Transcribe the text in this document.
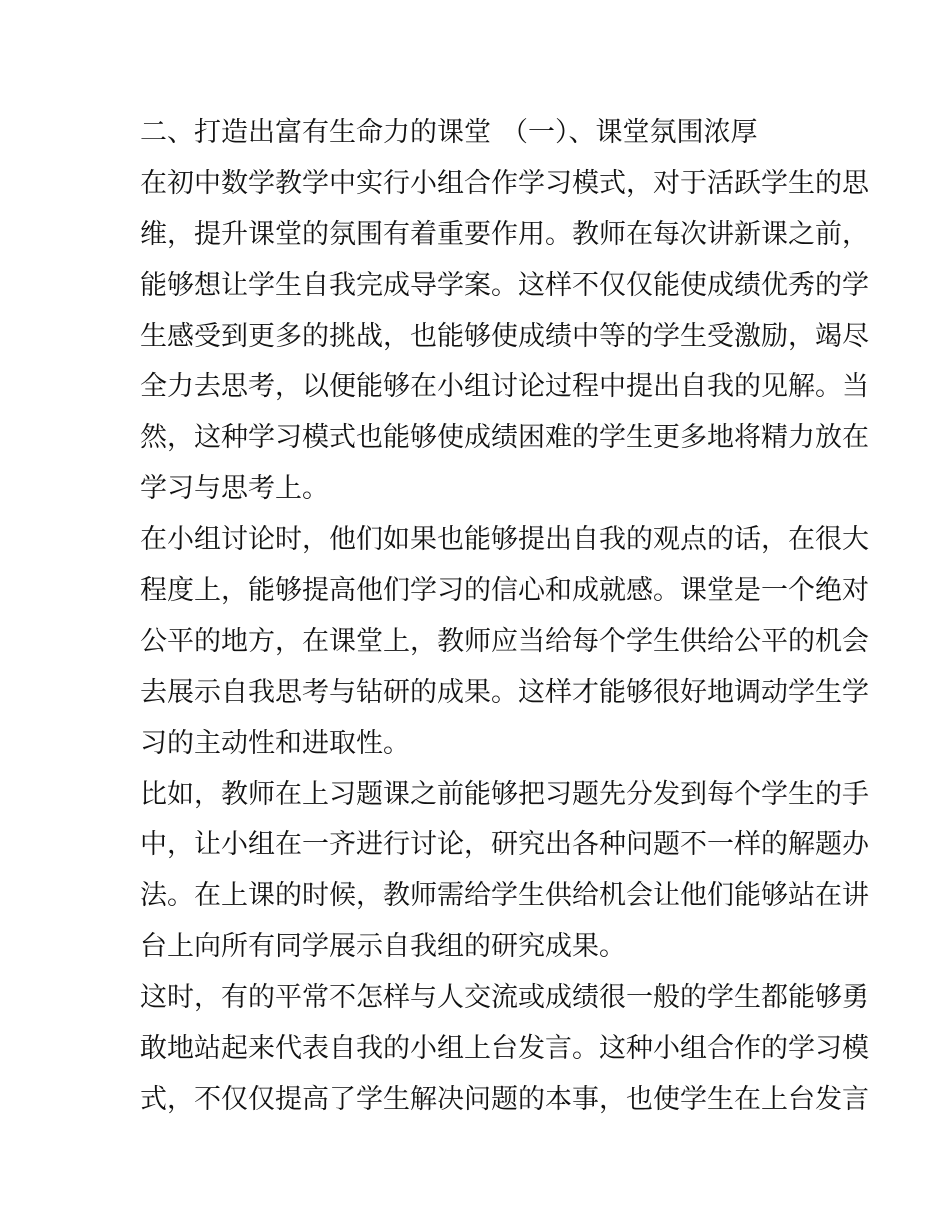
二、打造出富有生命力的课堂 （一）、课堂氛围浓厚
在初中数学教学中实行小组合作学习模式，对于活跃学生的思
维，提升课堂的氛围有着重要作用。教师在每次讲新课之前，
能够想让学生自我完成导学案。这样不仅仅能使成绩优秀的学
生感受到更多的挑战，也能够使成绩中等的学生受激励，竭尽
全力去思考，以便能够在小组讨论过程中提出自我的见解。当
然，这种学习模式也能够使成绩困难的学生更多地将精力放在
学习与思考上。
在小组讨论时，他们如果也能够提出自我的观点的话，在很大
程度上，能够提高他们学习的信心和成就感。课堂是一个绝对
公平的地方，在课堂上，教师应当给每个学生供给公平的机会
去展示自我思考与钻研的成果。这样才能够很好地调动学生学
习的主动性和进取性。
比如，教师在上习题课之前能够把习题先分发到每个学生的手
中，让小组在一齐进行讨论，研究出各种问题不一样的解题办
法。在上课的时候，教师需给学生供给机会让他们能够站在讲
台上向所有同学展示自我组的研究成果。
这时，有的平常不怎样与人交流或成绩很一般的学生都能够勇
敢地站起来代表自我的小组上台发言。这种小组合作的学习模
式，不仅仅提高了学生解决问题的本事，也使学生在上台发言
